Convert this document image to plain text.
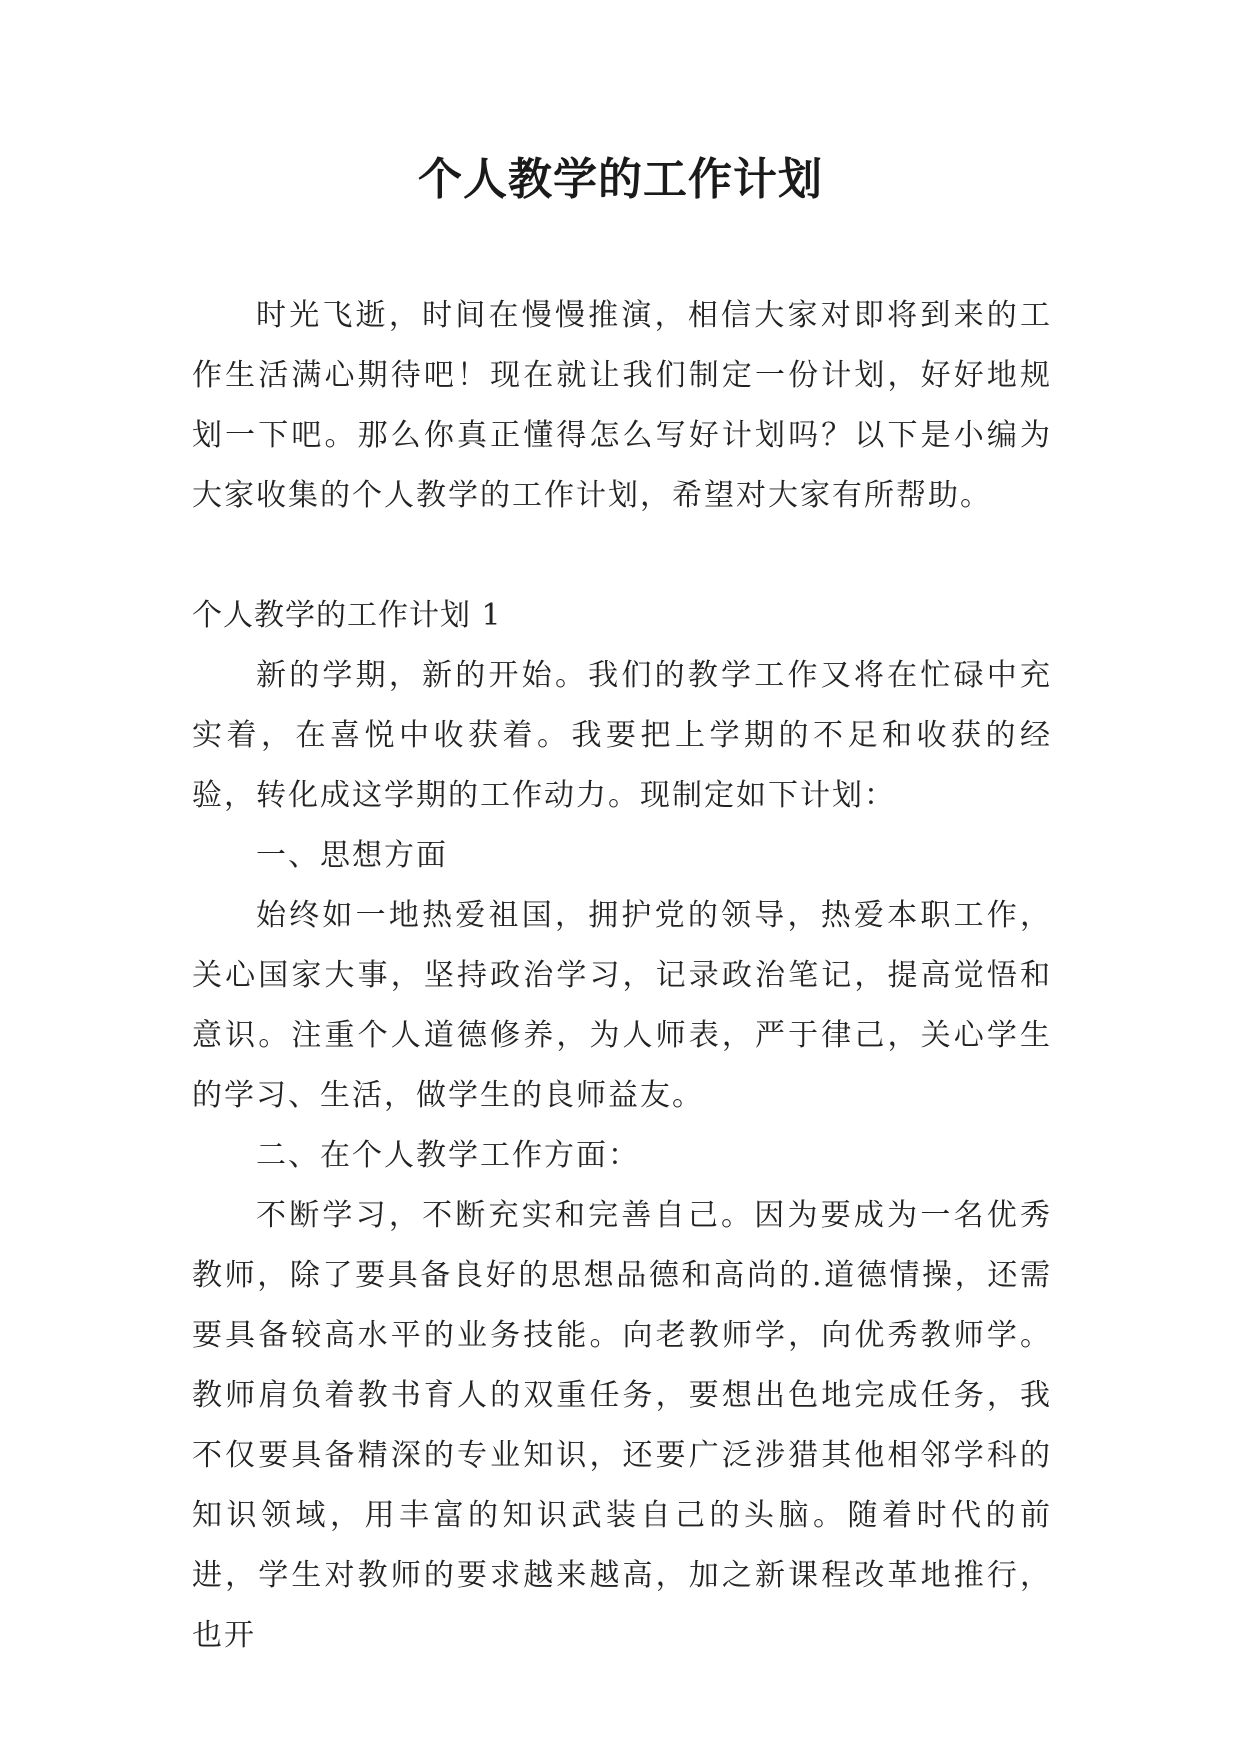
个人教学的工作计划

时光飞逝，时间在慢慢推演，相信大家对即将到来的工作生活满心期待吧！现在就让我们制定一份计划，好好地规划一下吧。那么你真正懂得怎么写好计划吗？以下是小编为大家收集的个人教学的工作计划，希望对大家有所帮助。

个人教学的工作计划 1

新的学期，新的开始。我们的教学工作又将在忙碌中充实着，在喜悦中收获着。我要把上学期的不足和收获的经验，转化成这学期的工作动力。现制定如下计划：

一、思想方面

始终如一地热爱祖国，拥护党的领导，热爱本职工作，关心国家大事，坚持政治学习，记录政治笔记，提高觉悟和意识。注重个人道德修养，为人师表，严于律己，关心学生的学习、生活，做学生的良师益友。

二、在个人教学工作方面：

不断学习，不断充实和完善自己。因为要成为一名优秀教师，除了要具备良好的思想品德和高尚的.道德情操，还需要具备较高水平的业务技能。向老教师学，向优秀教师学。教师肩负着教书育人的双重任务，要想出色地完成任务，我不仅要具备精深的专业知识，还要广泛涉猎其他相邻学科的知识领域，用丰富的知识武装自己的头脑。随着时代的前进，学生对教师的要求越来越高，加之新课程改革地推行，也开
